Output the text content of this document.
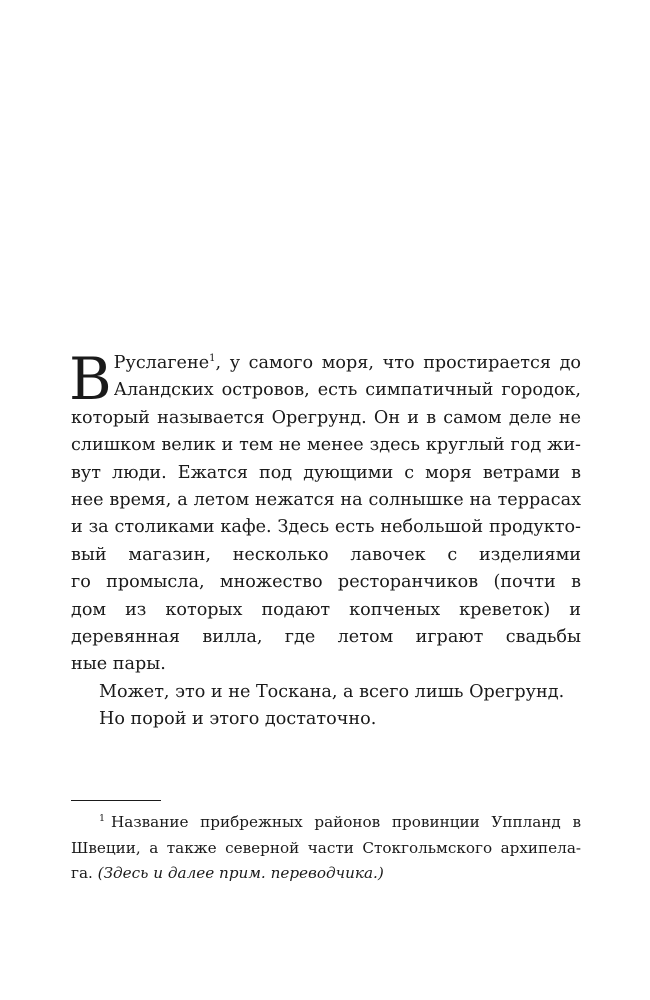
В Руслагене$^1$, у самого моря, что простирается до
Аландских островов, есть симпатичный городок,
который называется Орегрунд. Он и в самом деле не
слишком велик и тем не менее здесь круглый год жи-
вут люди. Ежатся под дующими с моря ветрами в
нее время, а летом нежатся на солнышке на террасах
и за столиками кафе. Здесь есть небольшой продукто-
вый магазин, несколько лавочек с изделиями
го промысла, множество ресторанчиков (почти в
дом из которых подают копченых креветок) и
деревянная вилла, где летом играют свадьбы
ные пары.
Может, это и не Тоскана, а всего лишь Орегрунд.
Но порой и этого достаточно.
$^1$ Название прибрежных районов провинции Уппланд в
Швеции, а также северной части Стокгольмского архипела-
га. (Здесь и далее прим. переводчика.)
